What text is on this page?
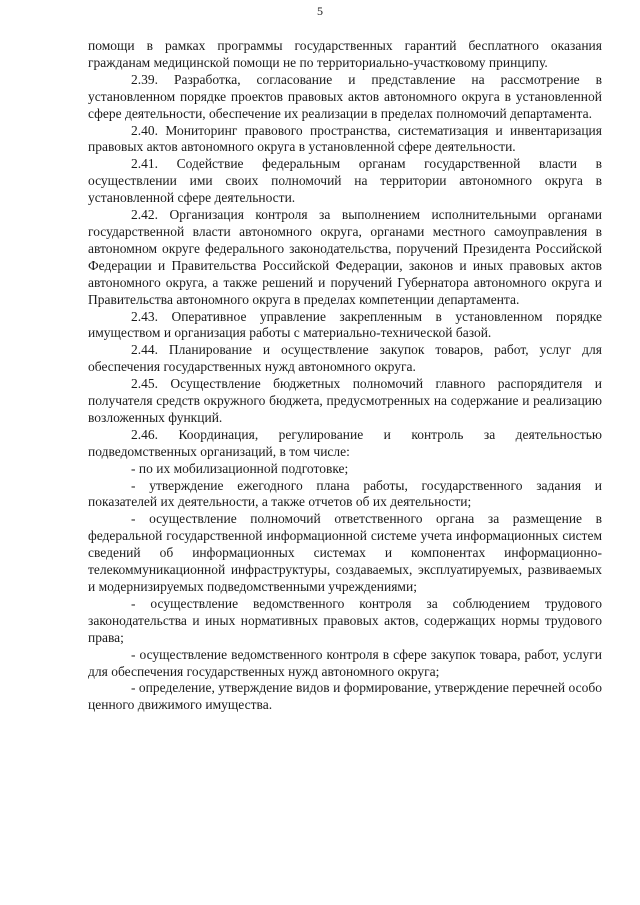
5

помощи в рамках программы государственных гарантий бесплатного оказания гражданам медицинской помощи не по территориально-участковому принципу.

2.39. Разработка, согласование и представление на рассмотрение в установленном порядке проектов правовых актов автономного округа в установленной сфере деятельности, обеспечение их реализации в пределах полномочий департамента.

2.40. Мониторинг правового пространства, систематизация и инвентаризация правовых актов автономного округа в установленной сфере деятельности.

2.41. Содействие федеральным органам государственной власти в осуществлении ими своих полномочий на территории автономного округа в установленной сфере деятельности.

2.42. Организация контроля за выполнением исполнительными органами государственной власти автономного округа, органами местного самоуправления в автономном округе федерального законодательства, поручений Президента Российской Федерации и Правительства Российской Федерации, законов и иных правовых актов автономного округа, а также решений и поручений Губернатора автономного округа и Правительства автономного округа в пределах компетенции департамента.

2.43. Оперативное управление закрепленным в установленном порядке имуществом и организация работы с материально-технической базой.

2.44. Планирование и осуществление закупок товаров, работ, услуг для обеспечения государственных нужд автономного округа.

2.45. Осуществление бюджетных полномочий главного распорядителя и получателя средств окружного бюджета, предусмотренных на содержание и реализацию возложенных функций.

2.46. Координация, регулирование и контроль за деятельностью подведомственных организаций, в том числе:

- по их мобилизационной подготовке;

- утверждение ежегодного плана работы, государственного задания и показателей их деятельности, а также отчетов об их деятельности;

- осуществление полномочий ответственного органа за размещение в федеральной государственной информационной системе учета информационных систем сведений об информационных системах и компонентах информационно-телекоммуникационной инфраструктуры, создаваемых, эксплуатируемых, развиваемых и модернизируемых подведомственными учреждениями;

- осуществление ведомственного контроля за соблюдением трудового законодательства и иных нормативных правовых актов, содержащих нормы трудового права;

- осуществление ведомственного контроля в сфере закупок товара, работ, услуги для обеспечения государственных нужд автономного округа;

- определение, утверждение видов и формирование, утверждение перечней особо ценного движимого имущества.
